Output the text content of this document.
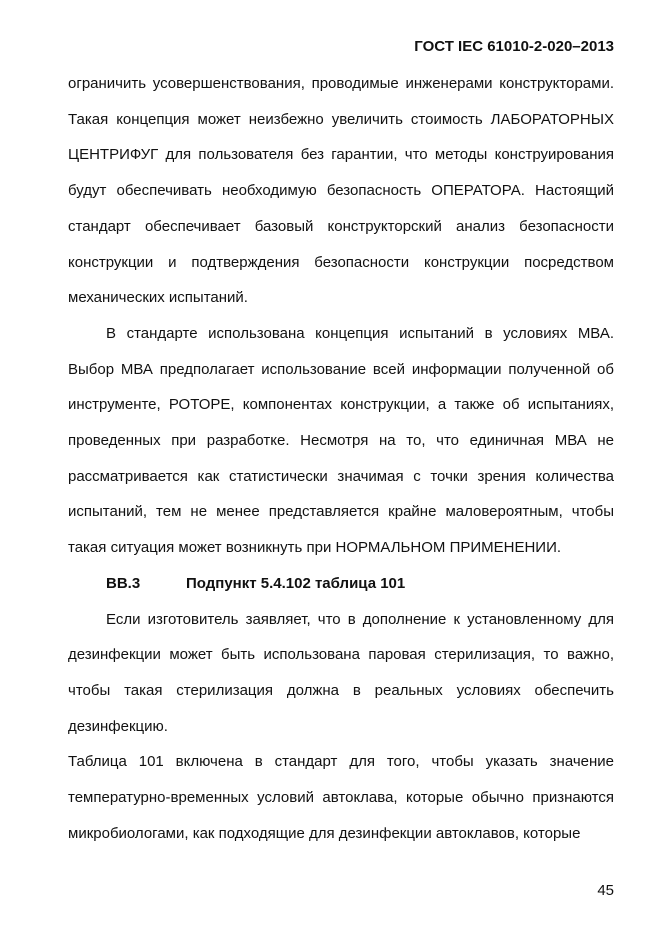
ГОСТ IEC 61010-2-020–2013

ограничить усовершенствования, проводимые инженерами конструкторами. Такая концепция может неизбежно увеличить стоимость ЛАБОРАТОРНЫХ ЦЕНТРИФУГ для пользователя без гарантии, что методы конструирования будут обеспечивать необходимую безопасность ОПЕРАТОРА. Настоящий стандарт обеспечивает базовый конструкторский анализ безопасности конструкции и подтверждения безопасности конструкции посредством механических испытаний.

В стандарте использована концепция испытаний в условиях МВА. Выбор МВА предполагает использование всей информации полученной об инструменте, РОТОРЕ, компонентах конструкции, а также об испытаниях, проведенных при разработке. Несмотря на то, что единичная МВА не рассматривается как статистически значимая с точки зрения количества испытаний, тем не менее представляется крайне маловероятным, чтобы такая ситуация может возникнуть при НОРМАЛЬНОМ ПРИМЕНЕНИИ.

ВВ.3	Подпункт 5.4.102 таблица 101

Если изготовитель заявляет, что в дополнение к установленному для дезинфекции может быть использована паровая стерилизация, то важно, чтобы такая стерилизация должна в реальных условиях обеспечить дезинфекцию.

Таблица 101 включена в стандарт для того, чтобы указать значение температурно-временных условий автоклава, которые обычно признаются микробиологами, как подходящие для дезинфекции автоклавов, которые

45
